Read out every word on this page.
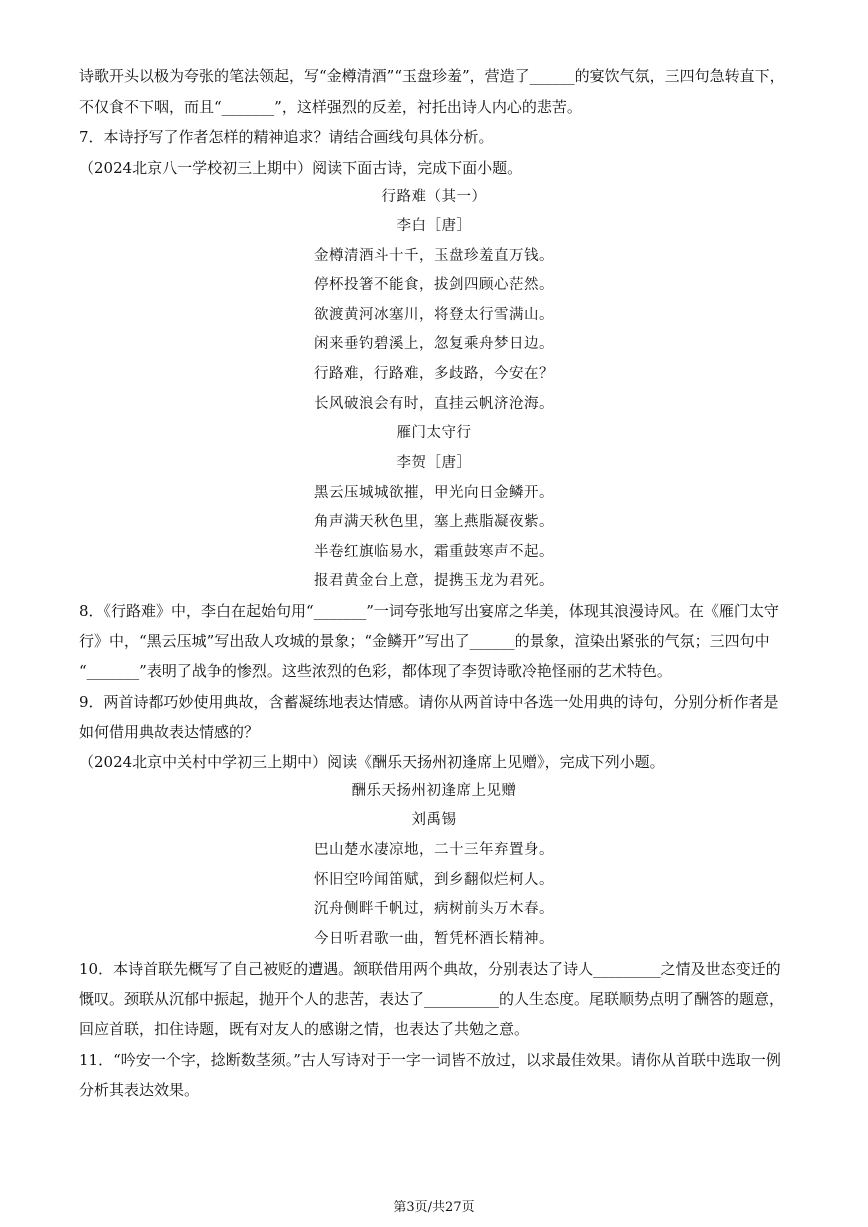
诗歌开头以极为夸张的笔法领起，写“金樽清酒”“玉盘珍羞”，营造了______的宴饮气氛，三四句急转直下，
不仅食不下咽，而且“_______”，这样强烈的反差，衬托出诗人内心的悲苦。
7．本诗抒写了作者怎样的精神追求？请结合画线句具体分析。
（2024北京八一学校初三上期中）阅读下面古诗，完成下面小题。
行路难（其一）
李白［唐］
金樽清酒斗十千，玉盘珍羞直万钱。
停杯投箸不能食，拔剑四顾心茫然。
欲渡黄河冰塞川，将登太行雪满山。
闲来垂钓碧溪上，忽复乘舟梦日边。
行路难，行路难，多歧路，今安在？
长风破浪会有时，直挂云帆济沧海。
雁门太守行
李贺［唐］
黑云压城城欲摧，甲光向日金鳞开。
角声满天秋色里，塞上燕脂凝夜紫。
半卷红旗临易水，霜重鼓寒声不起。
报君黄金台上意，提携玉龙为君死。
8．《行路难》中，李白在起始句用“_______”一词夸张地写出宴席之华美，体现其浪漫诗风。在《雁门太守
行》中，“黑云压城”写出敌人攻城的景象；“金鳞开”写出了______的景象，渲染出紧张的气氛；三四句中
“_______”表明了战争的惨烈。这些浓烈的色彩，都体现了李贺诗歌冷艳怪丽的艺术特色。
9．两首诗都巧妙使用典故，含蓄凝练地表达情感。请你从两首诗中各选一处用典的诗句，分别分析作者是
如何借用典故表达情感的？
（2024北京中关村中学初三上期中）阅读《酬乐天扬州初逢席上见赠》，完成下列小题。
酬乐天扬州初逢席上见赠
刘禹锡
巴山楚水凄凉地，二十三年弃置身。
怀旧空吟闻笛赋，到乡翻似烂柯人。
沉舟侧畔千帆过，病树前头万木春。
今日听君歌一曲，暂凭杯酒长精神。
10．本诗首联先概写了自己被贬的遭遇。颔联借用两个典故，分别表达了诗人_________之情及世态变迁的
慨叹。颈联从沉郁中振起，抛开个人的悲苦，表达了__________的人生态度。尾联顺势点明了酬答的题意，
回应首联，扣住诗题，既有对友人的感谢之情，也表达了共勉之意。
11．“吟安一个字，捻断数茎须。”古人写诗对于一字一词皆不放过，以求最佳效果。请你从首联中选取一例
分析其表达效果。
第3页/共27页
